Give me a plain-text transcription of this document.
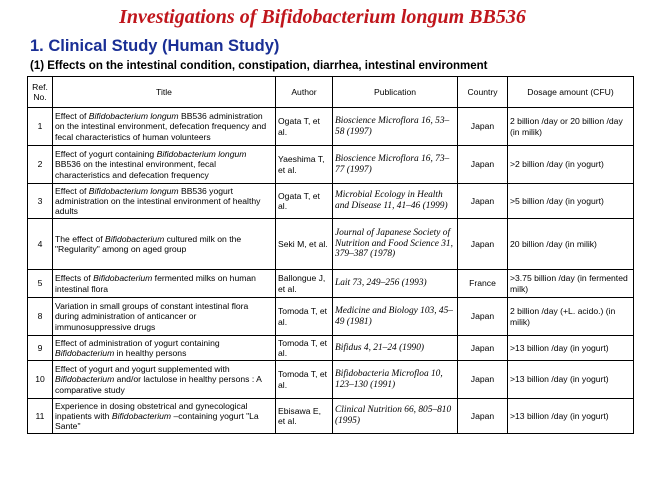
Investigations of Bifidobacterium longum BB536
1. Clinical Study (Human Study)
(1) Effects on the intestinal condition, constipation, diarrhea, intestinal environment
Ref. No.	Title	Author	Publication	Country	Dosage amount (CFU)
1	Effect of Bifidobacterium longum BB536 administration on the intestinal environment, defecation frequency and fecal characteristics of human volunteers	Ogata T, et al.	Bioscience Microflora 16, 53–58 (1997)	Japan	2 billion /day or 20 billion /day (in milik)
2	Effect of yogurt containing Bifidobacterium longum BB536 on the intestinal environment, fecal characteristics and defecation frequency	Yaeshima T, et al.	Bioscience Microflora 16, 73–77 (1997)	Japan	>2 billion /day (in yogurt)
3	Effect of Bifidobacterium longum BB536 yogurt administration on the intestinal environment of healthy adults	Ogata T, et al.	Microbial Ecology in Health and Disease 11, 41–46 (1999)	Japan	>5 billion /day (in yogurt)
4	The effect of Bifidobacterium cultured milk on the "Regularity" among on aged group	Seki M, et al.	Journal of Japanese Society of Nutrition and Food Science 31, 379–387 (1978)	Japan	20 billion /day (in milik)
5	Effects of Bifidobacterium fermented milks on human intestinal flora	Ballongue J, et al.	Lait 73, 249–256 (1993)	France	>3.75 billion /day (in fermented milk)
8	Variation in small groups of constant intestinal flora during administration of anticancer or immunosuppressive drugs	Tomoda T, et al.	Medicine and Biology 103, 45–49 (1981)	Japan	2 billion /day (+L. acido.) (in milik)
9	Effect of administration of yogurt containing Bifidobacterium in healthy persons	Tomoda T, et al.	Bifidus 4, 21–24 (1990)	Japan	>13 billion /day (in yogurt)
10	Effect of yogurt and yogurt supplemented with Bifidobacterium and/or lactulose in healthy persons : A comparative study	Tomoda T, et al.	Bifidobacteria Microfloa 10, 123–130 (1991)	Japan	>13 billion /day (in yogurt)
11	Experience in dosing obstetrical and gynecological inpatients with Bifidobacterium –containing yogurt "La Sante"	Ebisawa E, et al.	Clinical Nutrition 66, 805–810 (1995)	Japan	>13 billion /day (in yogurt)
